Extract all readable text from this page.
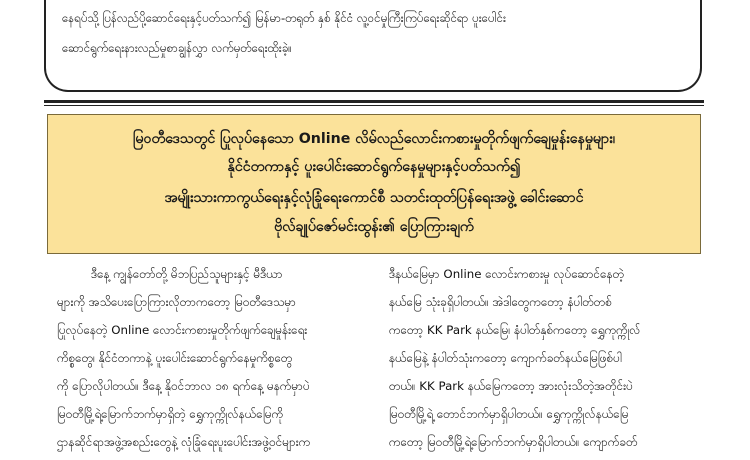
နေရပ်သို့ ပြန်လည်ပို့ဆောင်ရေးနှင့်ပတ်သက်၍ မြန်မာ-တရုတ် နှစ် နိုင်ငံ လူ့ဝင်မှုကြီးကြပ်ရေးဆိုင်ရာ ပူးပေါင်း
ဆောင်ရွက်ရေးနားလည်မှုစာချွန်လွှာ လက်မှတ်ရေးထိုးခဲ့။
မြဝတီဒေသတွင် ပြုလုပ်နေသော Online လိမ်လည်လောင်းကစားမှုတိုက်ဖျက်ချေမှုန်းနေမှုများ၊
နိုင်ငံတကာနှင့် ပူးပေါင်းဆောင်ရွက်နေမှုများနှင့်ပတ်သက်၍
အမျိုးသားကာကွယ်ရေးနှင့်လုံခြုံရေးကောင်စီ သတင်းထုတ်ပြန်ရေးအဖွဲ့ ခေါင်းဆောင်
ဗိုလ်ချုပ်ဇော်မင်းထွန်း၏ ပြောကြားချက်
ဒီနေ့ ကျွန်တော်တို့ မိဘပြည်သူများနှင့် မီဒီယာ
များကို အသိပေးပြောကြားလိုတာကတော့ မြဝတီဒေသမှာ
ပြုလုပ်နေတဲ့ Online လောင်းကစားမှုတိုက်ဖျက်ချေမှုန်းရေး
ကိစ္စတွေ၊ နိုင်ငံတကာနဲ့ ပူးပေါင်းဆောင်ရွက်နေမှုကိစ္စတွေ
ကို ပြောလိုပါတယ်။ ဒီနေ့ နိုဝင်ဘာလ ၁၈ ရက်နေ့ မနက်မှာပဲ
မြဝတီမြို့ရဲ့မြောက်ဘက်မှာရှိတဲ့ ရွှေကုက္ကိုလ်နယ်မြေကို
ဌာနဆိုင်ရာအဖွဲ့အစည်းတွေနဲ့ လုံခြုံရေးပူးပေါင်းအဖွဲ့ဝင်များက
ဒီနယ်မြေမှာ Online လောင်းကစားမှု လုပ်ဆောင်နေတဲ့
နယ်မြေ သုံးခုရှိပါတယ်။ အဲဒါတွေကတော့ နံပါတ်တစ်
ကတော့ KK Park နယ်မြေ၊ နံပါတ်နှစ်ကတော့ ရွှေကုက္ကိုလ်
နယ်မြေနဲ့ နံပါတ်သုံးကတော့ ကျောက်ခတ်နယ်မြေဖြစ်ပါ
တယ်။ KK Park နယ်မြေကတော့ အားလုံးသိတဲ့အတိုင်းပဲ
မြဝတီမြို့ရဲ့ တောင်ဘက်မှာရှိပါတယ်။ ရွှေကုက္ကိုလ်နယ်မြေ
ကတော့ မြဝတီမြို့ရဲ့မြောက်ဘက်မှာရှိပါတယ်။ ကျောက်ခတ်
